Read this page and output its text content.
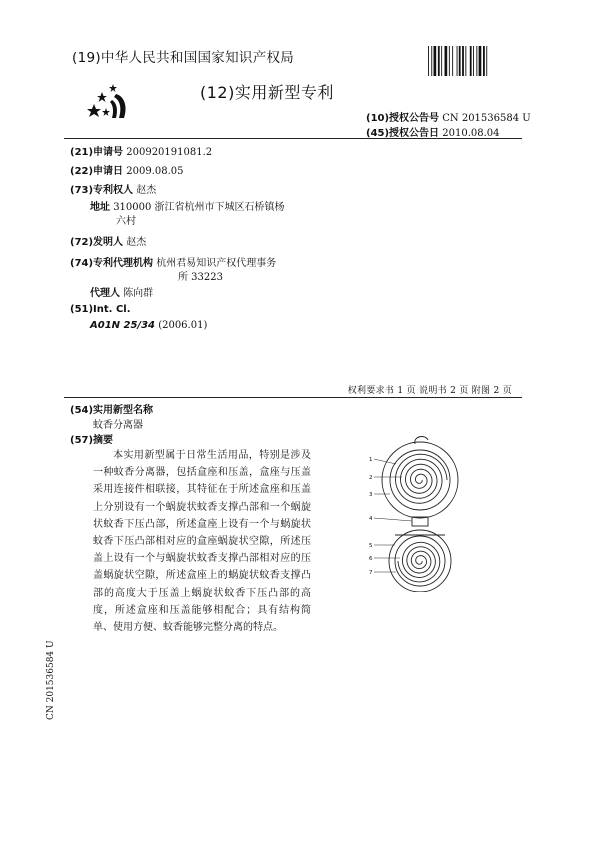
(19)中华人民共和国国家知识产权局
(12)实用新型专利
(10)授权公告号 CN 201536584 U
(45)授权公告日 2010.08.04
(21)申请号 200920191081.2
(22)申请日 2009.08.05
(73)专利权人 赵杰
地址 310000 浙江省杭州市下城区石桥镇杨
六村
(72)发明人 赵杰
(74)专利代理机构 杭州君易知识产权代理事务
所 33223
代理人 陈向群
(51)Int. Cl.
A01N 25/34 (2006.01)
权利要求书 1 页 说明书 2 页 附图 2 页
(54)实用新型名称
蚊香分离器
(57)摘要
本实用新型属于日常生活用品，特别是涉及一种蚊香分离器，包括盒座和压盖，盒座与压盖采用连接件相联接，其特征在于所述盒座和压盖上分别设有一个蜗旋状蚊香支撑凸部和一个蜗旋状蚊香下压凸部，所述盒座上设有一个与蜗旋状蚊香下压凸部相对应的盒座蜗旋状空隙，所述压盖上设有一个与蜗旋状蚊香支撑凸部相对应的压盖蜗旋状空隙，所述盒座上的蜗旋状蚊香支撑凸部的高度大于压盖上蜗旋状蚊香下压凸部的高度，所述盒座和压盖能够相配合；具有结构简单、使用方便、蚊香能够完整分离的特点。
1
2
3
4
5
6
7
CN 201536584 U
